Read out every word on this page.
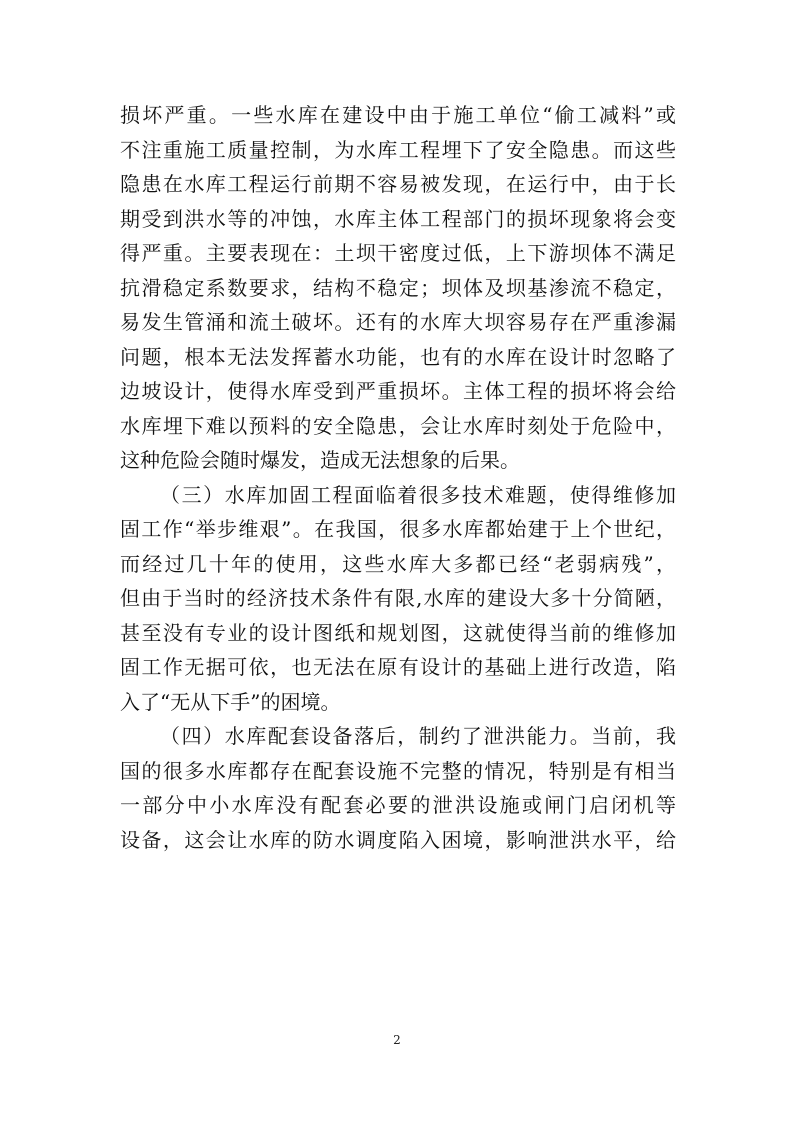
损坏严重。一些水库在建设中由于施工单位“偷工减料”或
不注重施工质量控制，为水库工程埋下了安全隐患。而这些
隐患在水库工程运行前期不容易被发现，在运行中，由于长
期受到洪水等的冲蚀，水库主体工程部门的损坏现象将会变
得严重。主要表现在：土坝干密度过低，上下游坝体不满足
抗滑稳定系数要求，结构不稳定；坝体及坝基渗流不稳定，
易发生管涌和流土破坏。还有的水库大坝容易存在严重渗漏
问题，根本无法发挥蓄水功能，也有的水库在设计时忽略了
边坡设计，使得水库受到严重损坏。主体工程的损坏将会给
水库埋下难以预料的安全隐患，会让水库时刻处于危险中，
这种危险会随时爆发，造成无法想象的后果。
（三）水库加固工程面临着很多技术难题，使得维修加
固工作“举步维艰”。在我国，很多水库都始建于上个世纪，
而经过几十年的使用，这些水库大多都已经“老弱病残”，
但由于当时的经济技术条件有限,水库的建设大多十分简陋，
甚至没有专业的设计图纸和规划图，这就使得当前的维修加
固工作无据可依，也无法在原有设计的基础上进行改造，陷
入了“无从下手”的困境。
（四）水库配套设备落后，制约了泄洪能力。当前，我
国的很多水库都存在配套设施不完整的情况，特别是有相当
一部分中小水库没有配套必要的泄洪设施或闸门启闭机等
设备，这会让水库的防水调度陷入困境，影响泄洪水平，给
2
